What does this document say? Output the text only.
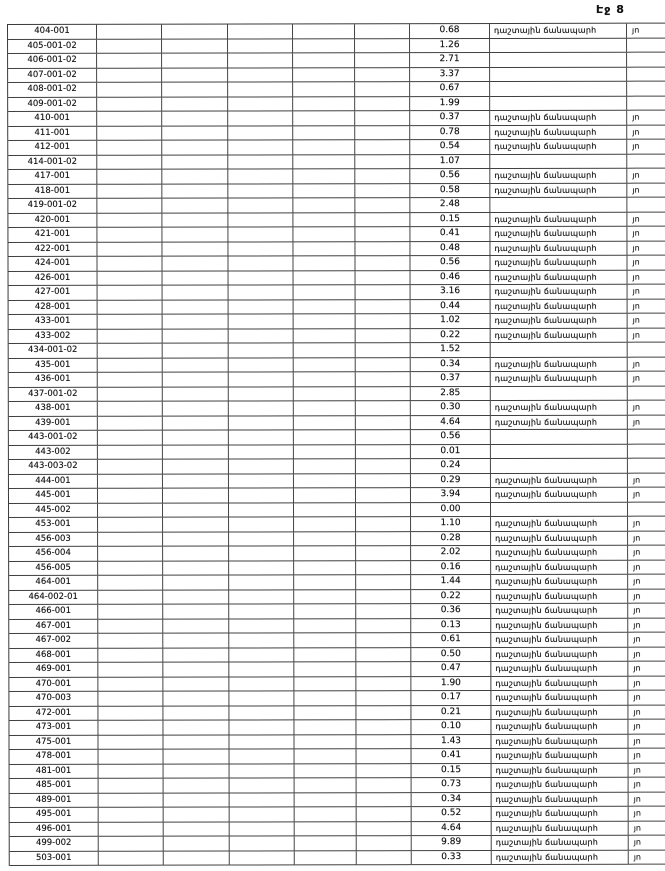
Էջ 8
404-001	0.68	դաշտային ճանապարհ	յո
405-001-02	1.26
406-001-02	2.71
407-001-02	3.37
408-001-02	0.67
409-001-02	1.99
410-001	0.37	դաշտային ճանապարհ	յո
411-001	0.78	դաշտային ճանապարհ	յո
412-001	0.54	դաշտային ճանապարհ	յո
414-001-02	1.07
417-001	0.56	դաշտային ճանապարհ	յո
418-001	0.58	դաշտային ճանապարհ	յո
419-001-02	2.48
420-001	0.15	դաշտային ճանապարհ	յո
421-001	0.41	դաշտային ճանապարհ	յո
422-001	0.48	դաշտային ճանապարհ	յո
424-001	0.56	դաշտային ճանապարհ	յո
426-001	0.46	դաշտային ճանապարհ	յո
427-001	3.16	դաշտային ճանապարհ	յո
428-001	0.44	դաշտային ճանապարհ	յո
433-001	1.02	դաշտային ճանապարհ	յո
433-002	0.22	դաշտային ճանապարհ	յո
434-001-02	1.52
435-001	0.34	դաշտային ճանապարհ	յո
436-001	0.37	դաշտային ճանապարհ	յո
437-001-02	2.85
438-001	0.30	դաշտային ճանապարհ	յո
439-001	4.64	դաշտային ճանապարհ	յո
443-001-02	0.56
443-002	0.01
443-003-02	0.24
444-001	0.29	դաշտային ճանապարհ	յո
445-001	3.94	դաշտային ճանապարհ	յո
445-002	0.00
453-001	1.10	դաշտային ճանապարհ	յո
456-003	0.28	դաշտային ճանապարհ	յո
456-004	2.02	դաշտային ճանապարհ	յո
456-005	0.16	դաշտային ճանապարհ	յո
464-001	1.44	դաշտային ճանապարհ	յո
464-002-01	0.22	դաշտային ճանապարհ	յո
466-001	0.36	դաշտային ճանապարհ	յո
467-001	0.13	դաշտային ճանապարհ	յո
467-002	0.61	դաշտային ճանապարհ	յո
468-001	0.50	դաշտային ճանապարհ	յո
469-001	0.47	դաշտային ճանապարհ	յո
470-001	1.90	դաշտային ճանապարհ	յո
470-003	0.17	դաշտային ճանապարհ	յո
472-001	0.21	դաշտային ճանապարհ	յո
473-001	0.10	դաշտային ճանապարհ	յո
475-001	1.43	դաշտային ճանապարհ	յո
478-001	0.41	դաշտային ճանապարհ	յո
481-001	0.15	դաշտային ճանապարհ	յո
485-001	0.73	դաշտային ճանապարհ	յո
489-001	0.34	դաշտային ճանապարհ	յո
495-001	0.52	դաշտային ճանապարհ	յո
496-001	4.64	դաշտային ճանապարհ	յո
499-002	9.89	դաշտային ճանապարհ	յո
503-001	0.33	դաշտային ճանապարհ	յո
